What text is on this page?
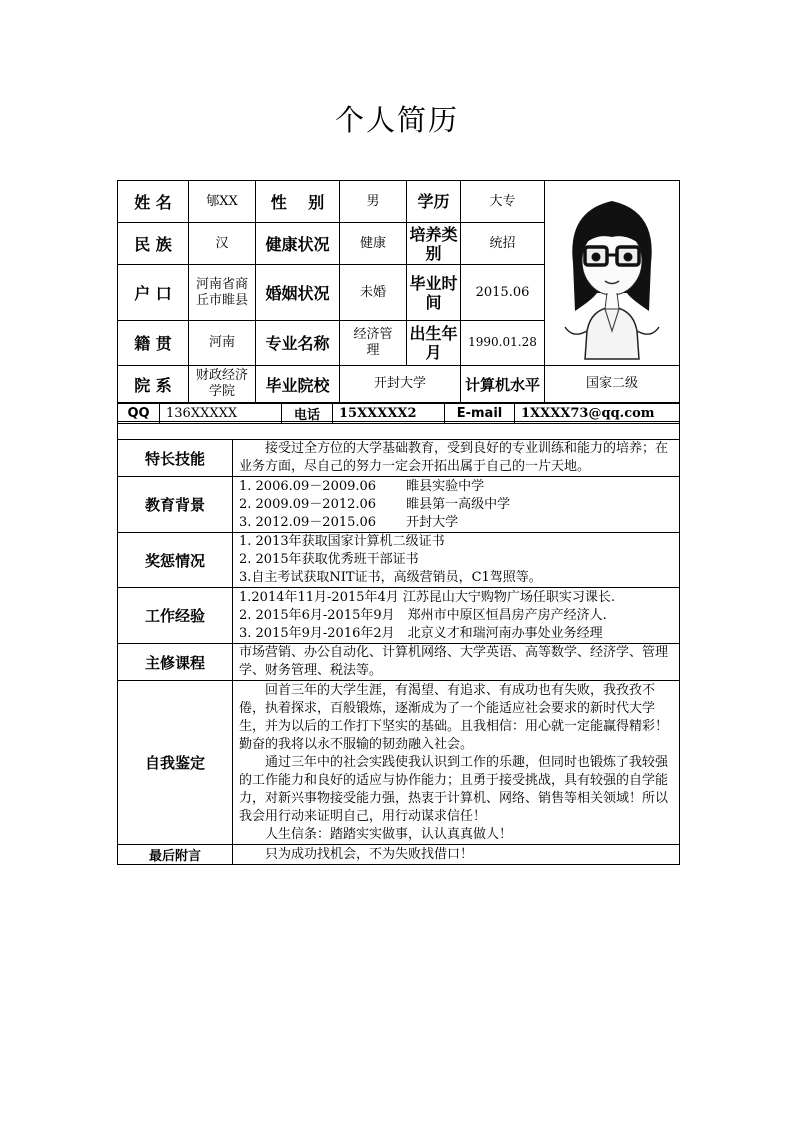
个人简历
姓 名	郇XX	性　 别	男	学历	大专	
民 族	汉	健康状况	健康	培养类别	统招	
户 口	河南省商丘市睢县	婚姻状况	未婚	毕业时间	2015.06	
籍 贯	河南	专业名称	经济管理	出生年月	1990.01.28	
院 系	财政经济学院	毕业院校	开封大学		计算机水平	国家二级
QQ	136XXXXX	电话	15XXXXX2	E-mail	1XXXX73@qq.com

特长技能	接受过全方位的大学基础教育，受到良好的专业训练和能力的培养；在业务方面，尽自己的努力一定会开拓出属于自己的一片天地。
教育背景	1. 2006.09－2009.06　　 睢县实验中学
2. 2009.09－2012.06　　 睢县第一高级中学
3. 2012.09－2015.06　　 开封大学

奖惩情况	1. 2013年获取国家计算机二级证书
2. 2015年获取优秀班干部证书
3.自主考试获取NIT证书，高级营销员，C1驾照等。

工作经验	1.2014年11月-2015年4月 江苏昆山大宁购物广场任职实习课长.
2. 2015年6月-2015年9月　郑州市中原区恒昌房产房产经济人.
3. 2015年9月-2016年2月　北京义才和瑞河南办事处业务经理

主修课程	市场营销、办公自动化、计算机网络、大学英语、高等数学、经济学、管理学、财务管理、税法等。
自我鉴定	回首三年的大学生涯，有渴望、有追求、有成功也有失败，我孜孜不倦，执着探求，百般锻炼，逐渐成为了一个能适应社会要求的新时代大学生，并为以后的工作打下坚实的基础。且我相信：用心就一定能赢得精彩！勤奋的我将以永不服输的韧劲融入社会。
通过三年中的社会实践使我认识到工作的乐趣，但同时也锻炼了我较强的工作能力和良好的适应与协作能力；且勇于接受挑战，具有较强的自学能力，对新兴事物接受能力强，热衷于计算机、网络、销售等相关领域！所以我会用行动来证明自己，用行动谋求信任！
人生信条：踏踏实实做事，认认真真做人！

最后附言	只为成功找机会，不为失败找借口！
